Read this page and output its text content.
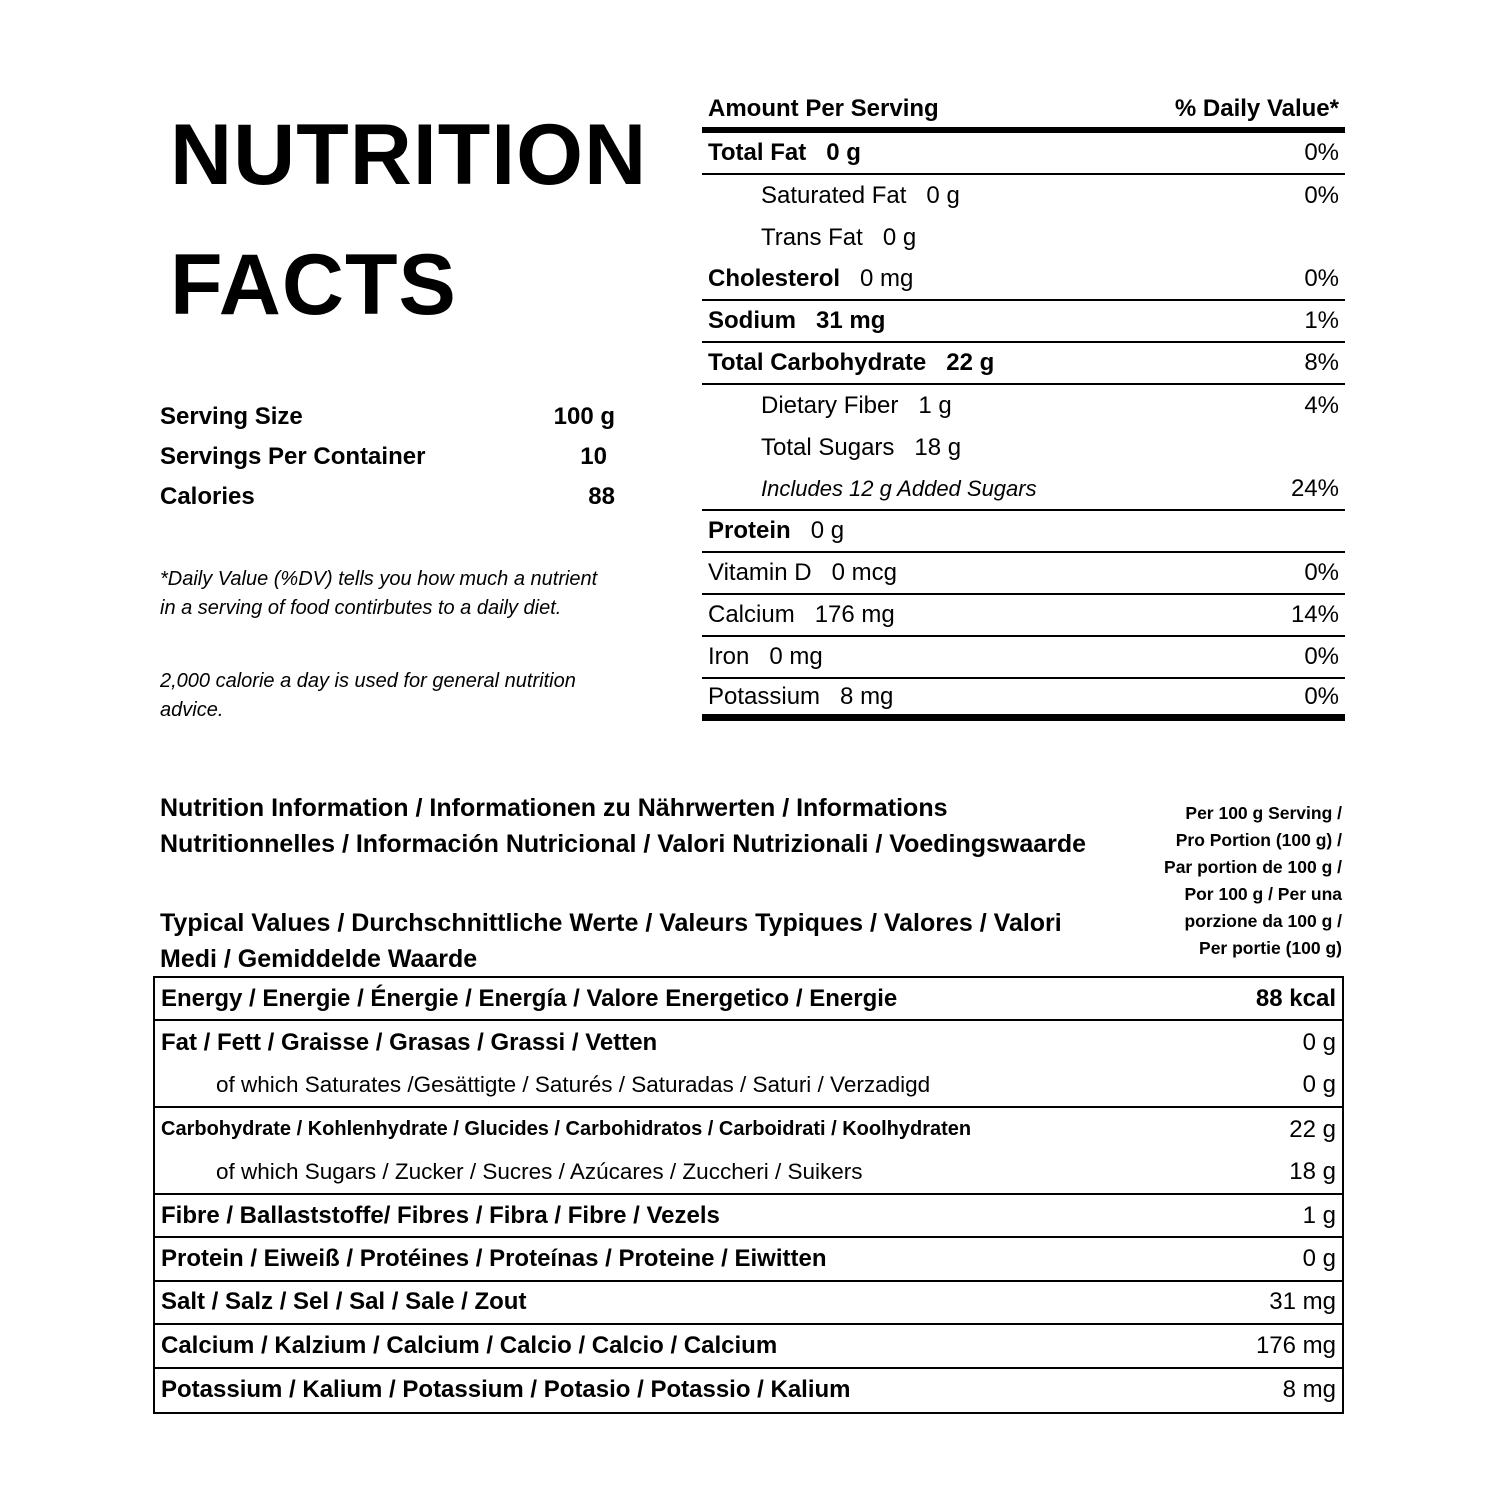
NUTRITION
FACTS
Serving Size	100 g
Servings Per Container	10
Calories	88

*Daily Value (%DV) tells you how much a nutrient in a serving of food contirbutes to a daily diet.

2,000 calorie a day is used for general nutrition advice.

Amount Per Serving	% Daily Value*
Total Fat 0 g	0%
Saturated Fat 0 g	0%
Trans Fat 0 g
Cholesterol 0 mg	0%
Sodium 31 mg	1%
Total Carbohydrate 22 g	8%
Dietary Fiber 1 g	4%
Total Sugars 18 g
Includes 12 g Added Sugars	24%
Protein 0 g
Vitamin D 0 mcg	0%
Calcium 176 mg	14%
Iron 0 mg	0%
Potassium 8 mg	0%

Nutrition Information / Informationen zu Nährwerten / Informations Nutritionnelles / Información Nutricional / Valori Nutrizionali / Voedingswaarde

Typical Values / Durchschnittliche Werte / Valeurs Typiques / Valores / Valori Medi / Gemiddelde Waarde

Per 100 g Serving /
Pro Portion (100 g) /
Par portion de 100 g /
Por 100 g / Per una
porzione da 100 g /
Per portie (100 g)
Energy / Energie / Énergie / Energía / Valore Energetico / Energie	88 kcal
Fat / Fett / Graisse / Grasas / Grassi / Vetten	0 g
of which Saturates /Gesättigte / Saturés / Saturadas / Saturi / Verzadigd	0 g
Carbohydrate / Kohlenhydrate / Glucides / Carbohidratos / Carboidrati / Koolhydraten	22 g
of which Sugars / Zucker / Sucres / Azúcares / Zuccheri / Suikers	18 g
Fibre / Ballaststoffe/ Fibres / Fibra / Fibre / Vezels	1 g
Protein / Eiweiß / Protéines / Proteínas / Proteine / Eiwitten	0 g
Salt / Salz / Sel / Sal / Sale / Zout	31 mg
Calcium / Kalzium / Calcium / Calcio / Calcio / Calcium	176 mg
Potassium / Kalium / Potassium / Potasio / Potassio / Kalium	8 mg
